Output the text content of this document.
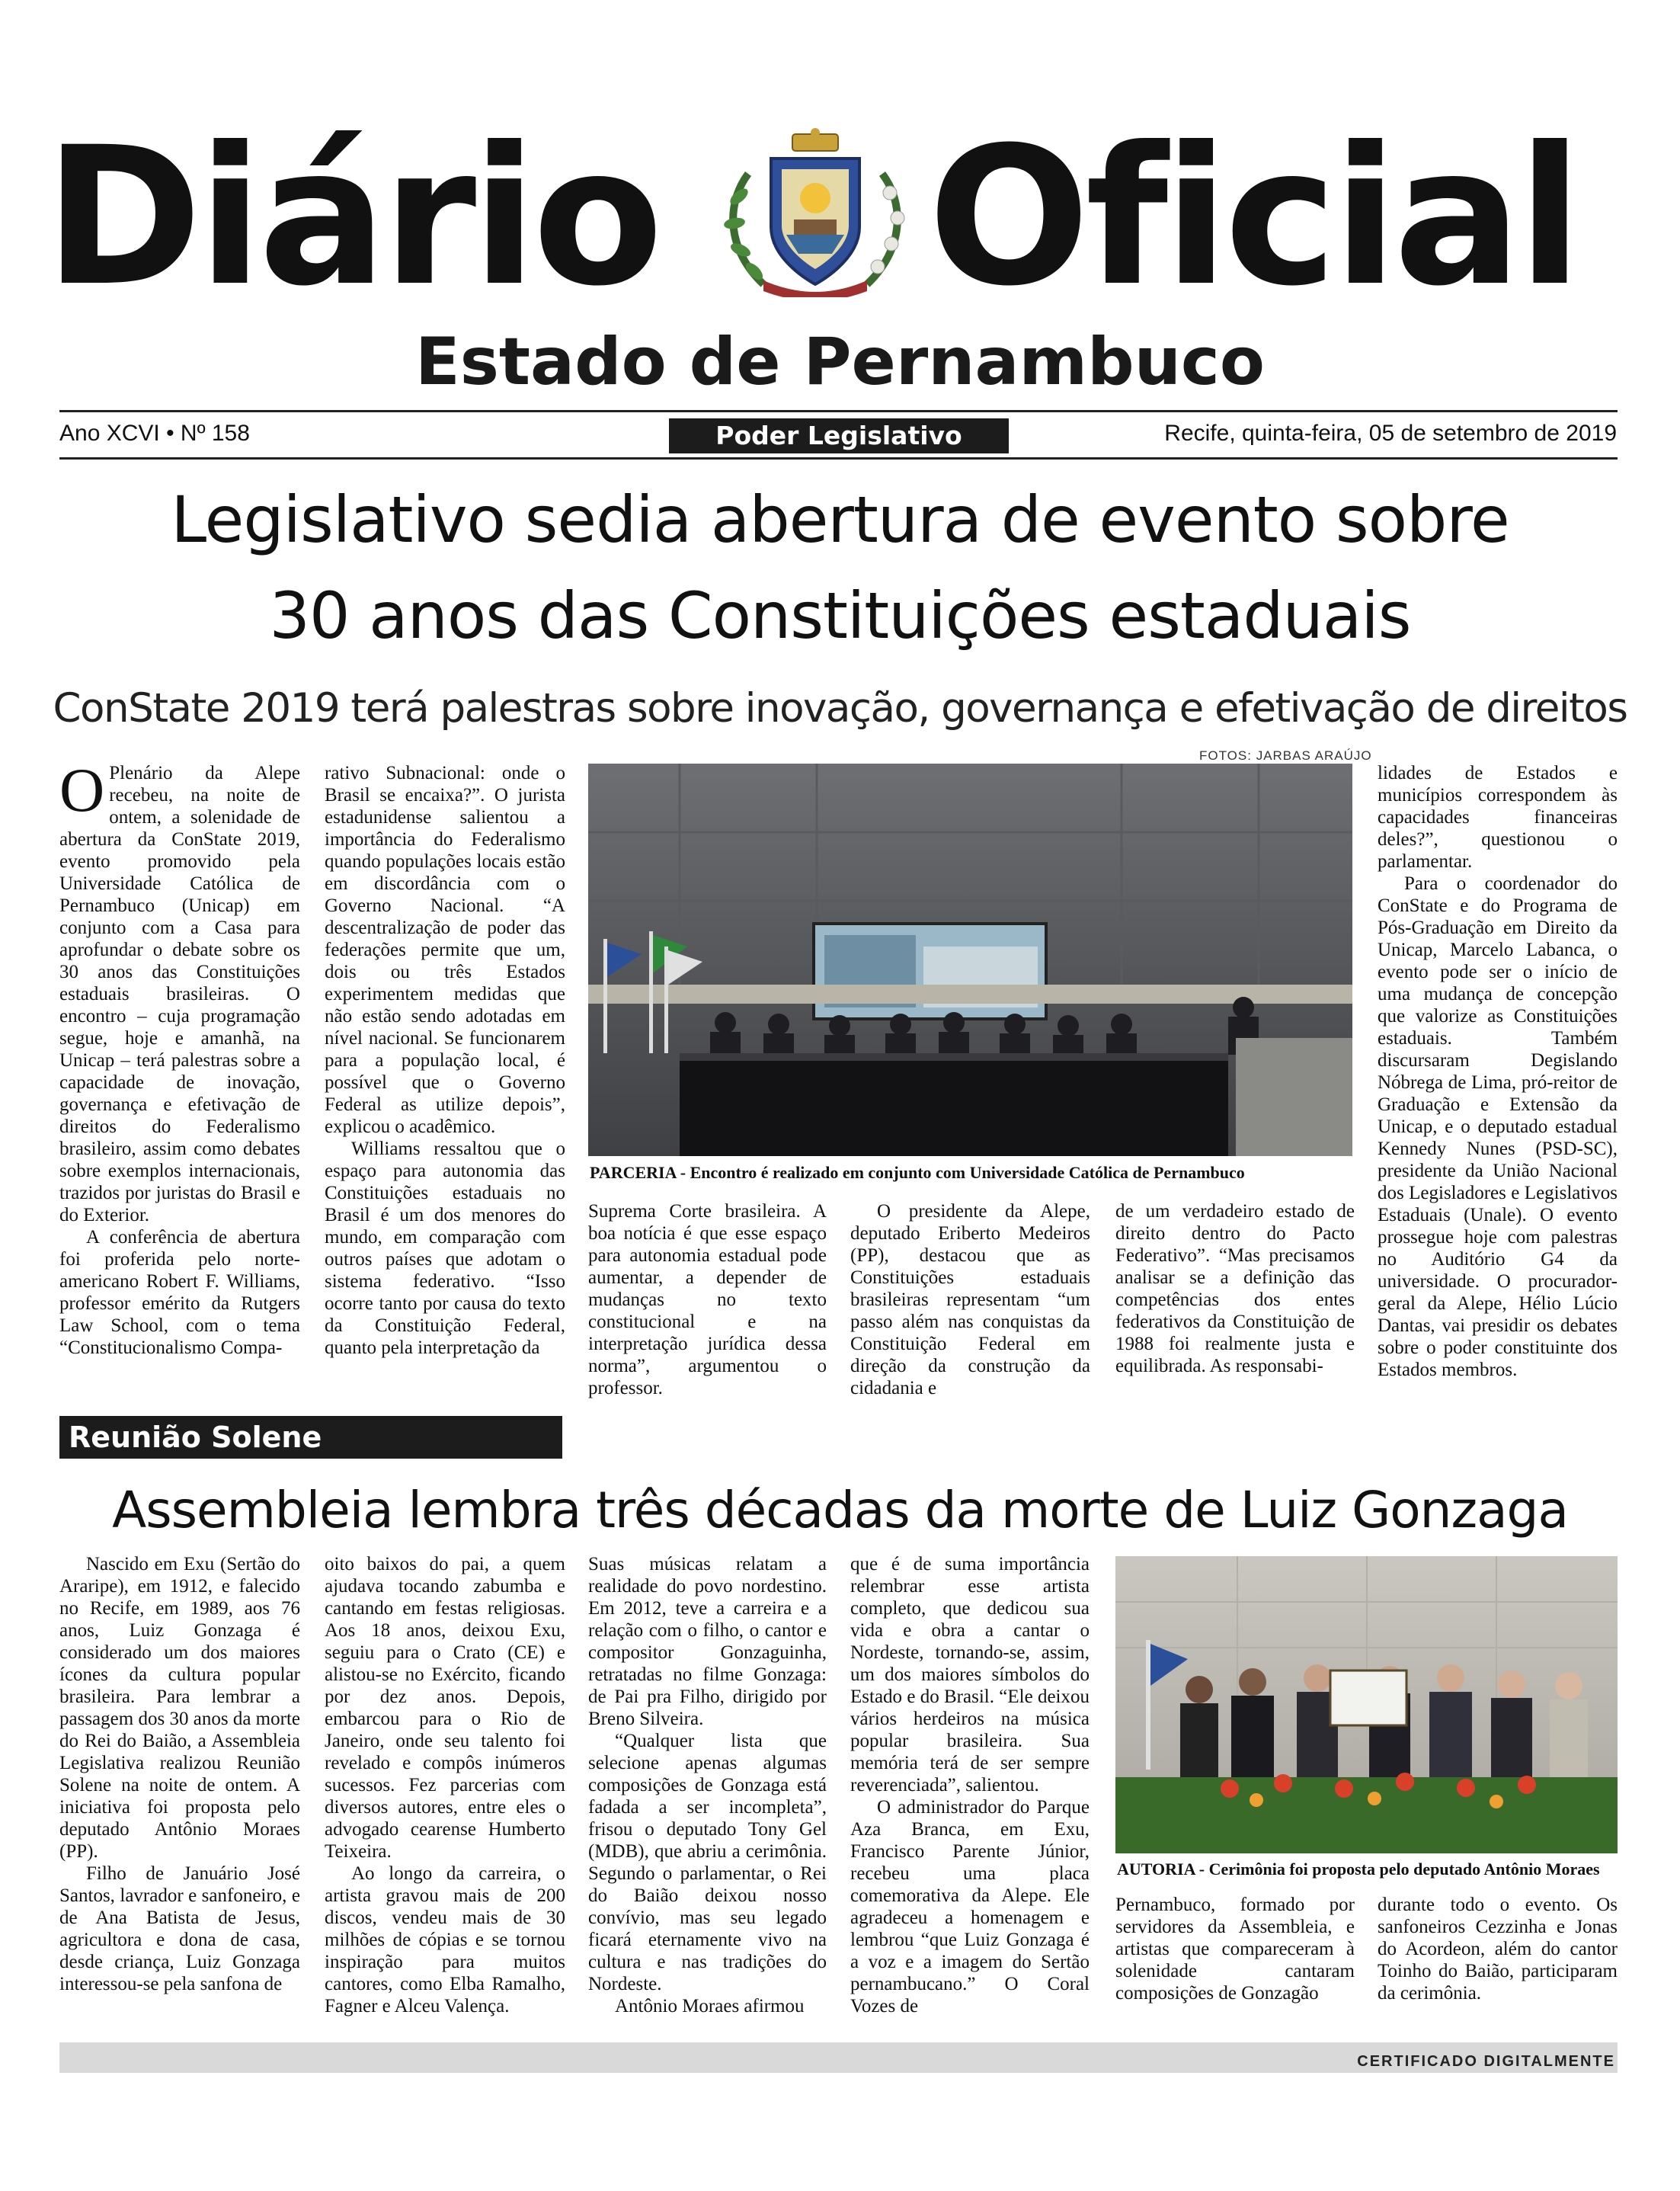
Diário Oficial
Estado de Pernambuco
Ano XCVI • Nº 158	Poder Legislativo	Recife, quinta-feira, 05 de setembro de 2019
Legislativo sedia abertura de evento sobre
30 anos das Constituições estaduais
ConState 2019 terá palestras sobre inovação, governança e efetivação de direitos

O Plenário da Alepe recebeu, na noite de ontem, a solenidade de abertura da ConState 2019, evento promovido pela Universidade Católica de Pernambuco (Unicap) em conjunto com a Casa para aprofundar o debate sobre os 30 anos das Constituições estaduais brasileiras. O encontro – cuja programação segue, hoje e amanhã, na Unicap – terá palestras sobre a capacidade de inovação, governança e efetivação de direitos do Federalismo brasileiro, assim como debates sobre exemplos internacionais, trazidos por juristas do Brasil e do Exterior.

A conferência de abertura foi proferida pelo norte-americano Robert F. Williams, professor emérito da Rutgers Law School, com o tema “Constitucionalismo Compa-

rativo Subnacional: onde o Brasil se encaixa?”. O jurista estadunidense salientou a importância do Federalismo quando populações locais estão em discordância com o Governo Nacional. “A descentralização de poder das federações permite que um, dois ou três Estados experimentem medidas que não estão sendo adotadas em nível nacional. Se funcionarem para a população local, é possível que o Governo Federal as utilize depois”, explicou o acadêmico.

Williams ressaltou que o espaço para autonomia das Constituições estaduais no Brasil é um dos menores do mundo, em comparação com outros países que adotam o sistema federativo. “Isso ocorre tanto por causa do texto da Constituição Federal, quanto pela interpretação da

FOTOS: JARBAS ARAÚJO
PARCERIA - Encontro é realizado em conjunto com Universidade Católica de Pernambuco

Suprema Corte brasileira. A boa notícia é que esse espaço para autonomia estadual pode aumentar, a depender de mudanças no texto constitucional e na interpretação jurídica dessa norma”, argumentou o professor.

O presidente da Alepe, deputado Eriberto Medeiros (PP), destacou que as Constituições estaduais brasileiras representam “um passo além nas conquistas da Constituição Federal em direção da construção da cidadania e

de um verdadeiro estado de direito dentro do Pacto Federativo”. “Mas precisamos analisar se a definição das competências dos entes federativos da Constituição de 1988 foi realmente justa e equilibrada. As responsabi-

lidades de Estados e municípios correspondem às capacidades financeiras deles?”, questionou o parlamentar.

Para o coordenador do ConState e do Programa de Pós-Graduação em Direito da Unicap, Marcelo Labanca, o evento pode ser o início de uma mudança de concepção que valorize as Constituições estaduais. Também discursaram Degislando Nóbrega de Lima, pró-reitor de Graduação e Extensão da Unicap, e o deputado estadual Kennedy Nunes (PSD-SC), presidente da União Nacional dos Legisladores e Legislativos Estaduais (Unale). O evento prossegue hoje com palestras no Auditório G4 da universidade. O procurador-geral da Alepe, Hélio Lúcio Dantas, vai presidir os debates sobre o poder constituinte dos Estados membros.

Reunião Solene
Assembleia lembra três décadas da morte de Luiz Gonzaga

Nascido em Exu (Sertão do Araripe), em 1912, e falecido no Recife, em 1989, aos 76 anos, Luiz Gonzaga é considerado um dos maiores ícones da cultura popular brasileira. Para lembrar a passagem dos 30 anos da morte do Rei do Baião, a Assembleia Legislativa realizou Reunião Solene na noite de ontem. A iniciativa foi proposta pelo deputado Antônio Moraes (PP).

Filho de Januário José Santos, lavrador e sanfoneiro, e de Ana Batista de Jesus, agricultora e dona de casa, desde criança, Luiz Gonzaga interessou-se pela sanfona de

oito baixos do pai, a quem ajudava tocando zabumba e cantando em festas religiosas. Aos 18 anos, deixou Exu, seguiu para o Crato (CE) e alistou-se no Exército, ficando por dez anos. Depois, embarcou para o Rio de Janeiro, onde seu talento foi revelado e compôs inúmeros sucessos. Fez parcerias com diversos autores, entre eles o advogado cearense Humberto Teixeira.

Ao longo da carreira, o artista gravou mais de 200 discos, vendeu mais de 30 milhões de cópias e se tornou inspiração para muitos cantores, como Elba Ramalho, Fagner e Alceu Valença.

Suas músicas relatam a realidade do povo nordestino. Em 2012, teve a carreira e a relação com o filho, o cantor e compositor Gonzaguinha, retratadas no filme Gonzaga: de Pai pra Filho, dirigido por Breno Silveira.

“Qualquer lista que selecione apenas algumas composições de Gonzaga está fadada a ser incompleta”, frisou o deputado Tony Gel (MDB), que abriu a cerimônia. Segundo o parlamentar, o Rei do Baião deixou nosso convívio, mas seu legado ficará eternamente vivo na cultura e nas tradições do Nordeste.

Antônio Moraes afirmou

que é de suma importância relembrar esse artista completo, que dedicou sua vida e obra a cantar o Nordeste, tornando-se, assim, um dos maiores símbolos do Estado e do Brasil. “Ele deixou vários herdeiros na música popular brasileira. Sua memória terá de ser sempre reverenciada”, salientou.

O administrador do Parque Aza Branca, em Exu, Francisco Parente Júnior, recebeu uma placa comemorativa da Alepe. Ele agradeceu a homenagem e lembrou “que Luiz Gonzaga é a voz e a imagem do Sertão pernambucano.” O Coral Vozes de

AUTORIA - Cerimônia foi proposta pelo deputado Antônio Moraes

Pernambuco, formado por servidores da Assembleia, e artistas que compareceram à solenidade cantaram composições de Gonzagão

durante todo o evento. Os sanfoneiros Cezzinha e Jonas do Acordeon, além do cantor Toinho do Baião, participaram da cerimônia.

CERTIFICADO DIGITALMENTE
